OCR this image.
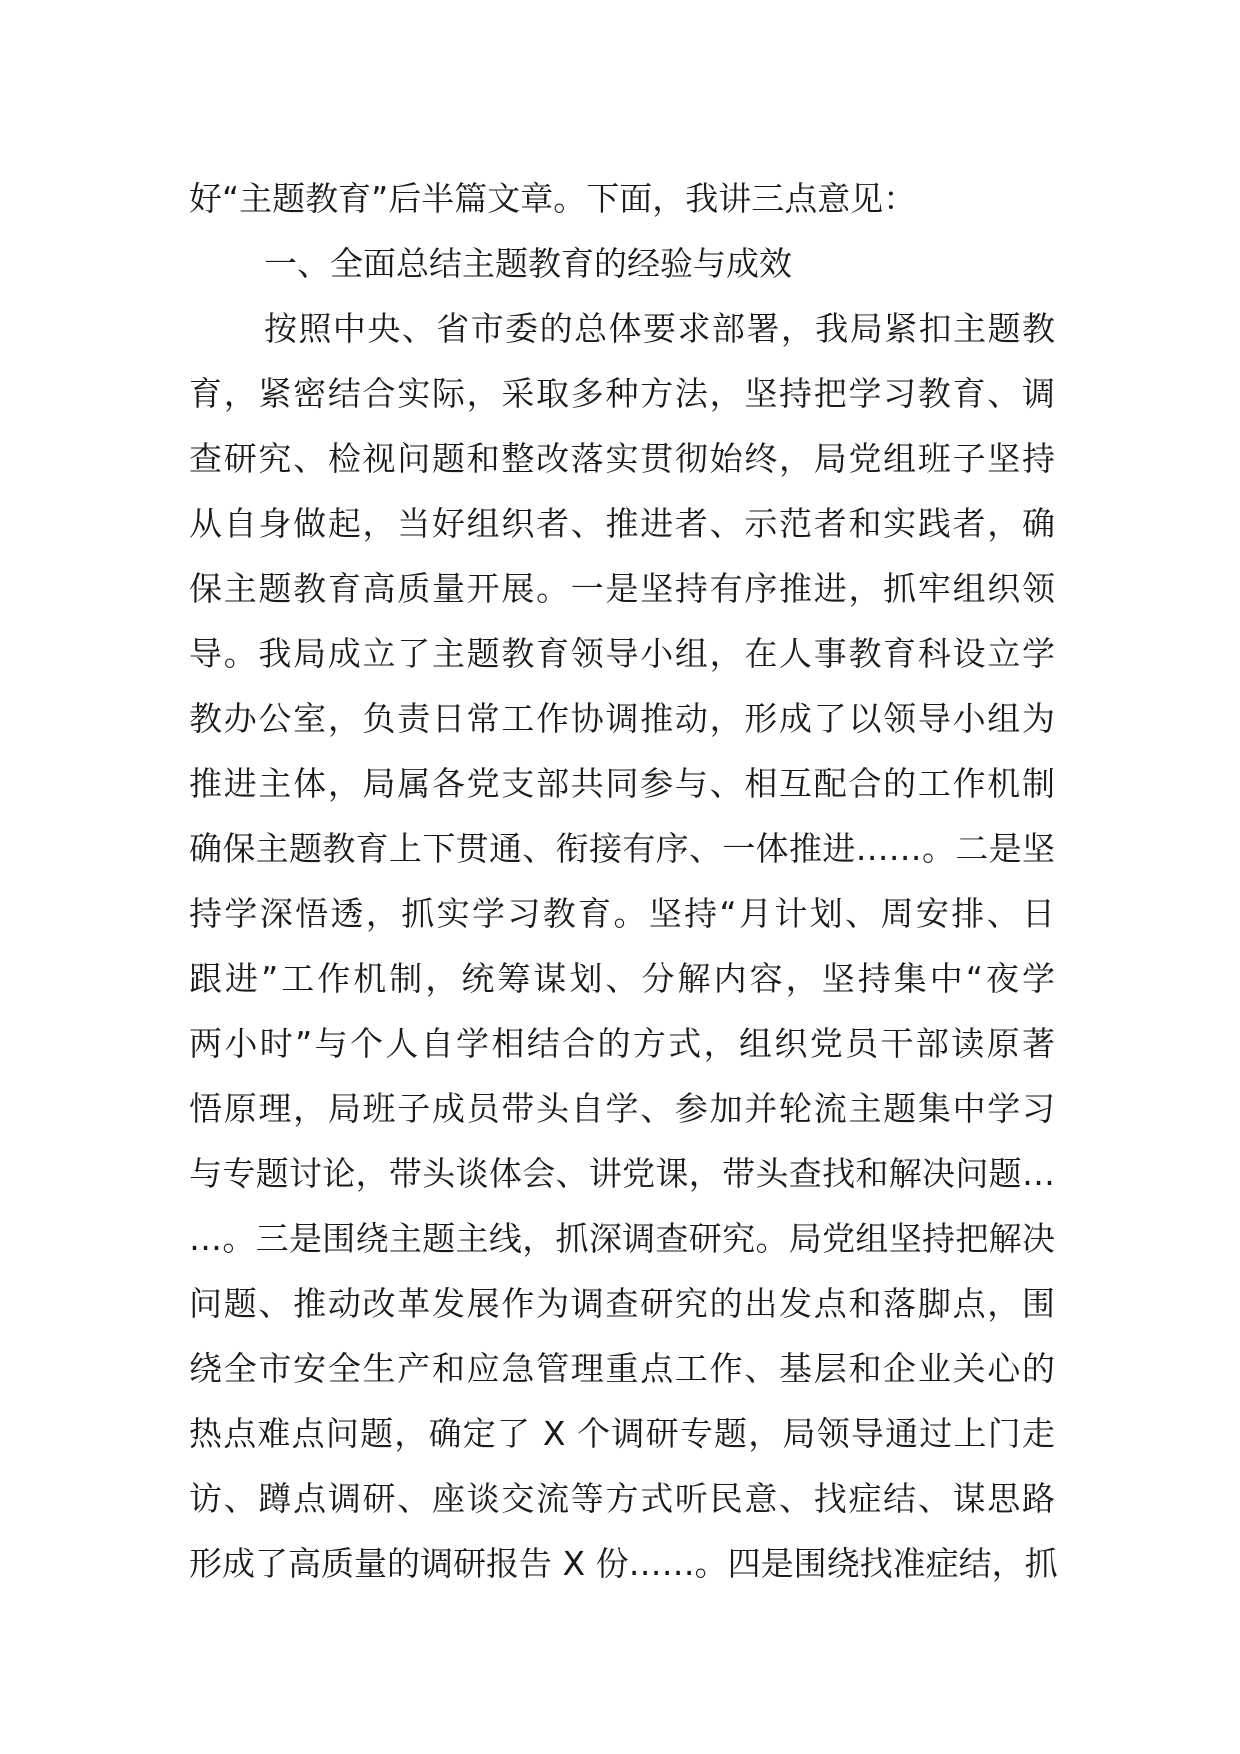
好“主题教育”后半篇文章。下面，我讲三点意见：
一、全面总结主题教育的经验与成效
按照中央、省市委的总体要求部署，我局紧扣主题教
育，紧密结合实际，采取多种方法，坚持把学习教育、调
查研究、检视问题和整改落实贯彻始终，局党组班子坚持
从自身做起，当好组织者、推进者、示范者和实践者，确
保主题教育高质量开展。一是坚持有序推进，抓牢组织领
导。我局成立了主题教育领导小组，在人事教育科设立学
教办公室，负责日常工作协调推动，形成了以领导小组为
推进主体，局属各党支部共同参与、相互配合的工作机制
确保主题教育上下贯通、衔接有序、一体推进……。二是坚
持学深悟透，抓实学习教育。坚持“月计划、周安排、日
跟进”工作机制，统筹谋划、分解内容，坚持集中“夜学
两小时”与个人自学相结合的方式，组织党员干部读原著
悟原理，局班子成员带头自学、参加并轮流主题集中学习
与专题讨论，带头谈体会、讲党课，带头查找和解决问题…
…。三是围绕主题主线，抓深调查研究。局党组坚持把解决
问题、推动改革发展作为调查研究的出发点和落脚点，围
绕全市安全生产和应急管理重点工作、基层和企业关心的
热点难点问题，确定了 X 个调研专题，局领导通过上门走
访、蹲点调研、座谈交流等方式听民意、找症结、谋思路
形成了高质量的调研报告 X 份……。四是围绕找准症结，抓
